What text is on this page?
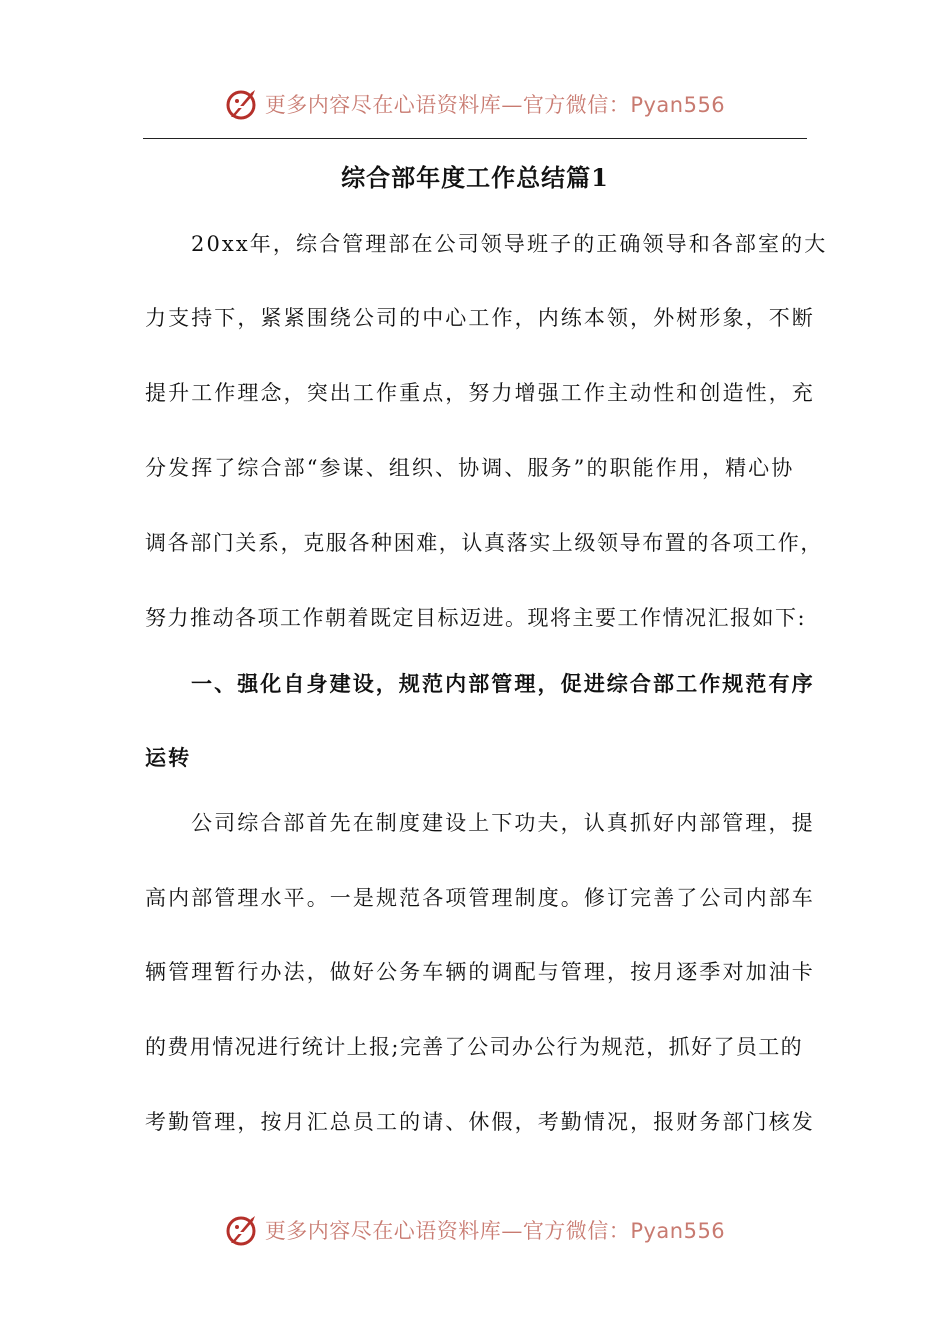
更多内容尽在心语资料库—官方微信：Pyan556
综合部年度工作总结篇1
20xx年，综合管理部在公司领导班子的正确领导和各部室的大
力支持下，紧紧围绕公司的中心工作，内练本领，外树形象，不断
提升工作理念，突出工作重点，努力增强工作主动性和创造性，充
分发挥了综合部“参谋、组织、协调、服务”的职能作用，精心协
调各部门关系，克服各种困难，认真落实上级领导布置的各项工作，
努力推动各项工作朝着既定目标迈进。现将主要工作情况汇报如下:
一、强化自身建设，规范内部管理，促进综合部工作规范有序
运转
公司综合部首先在制度建设上下功夫，认真抓好内部管理，提
高内部管理水平。一是规范各项管理制度。修订完善了公司内部车
辆管理暂行办法，做好公务车辆的调配与管理，按月逐季对加油卡
的费用情况进行统计上报;完善了公司办公行为规范，抓好了员工的
考勤管理，按月汇总员工的请、休假，考勤情况，报财务部门核发
更多内容尽在心语资料库—官方微信：Pyan556
